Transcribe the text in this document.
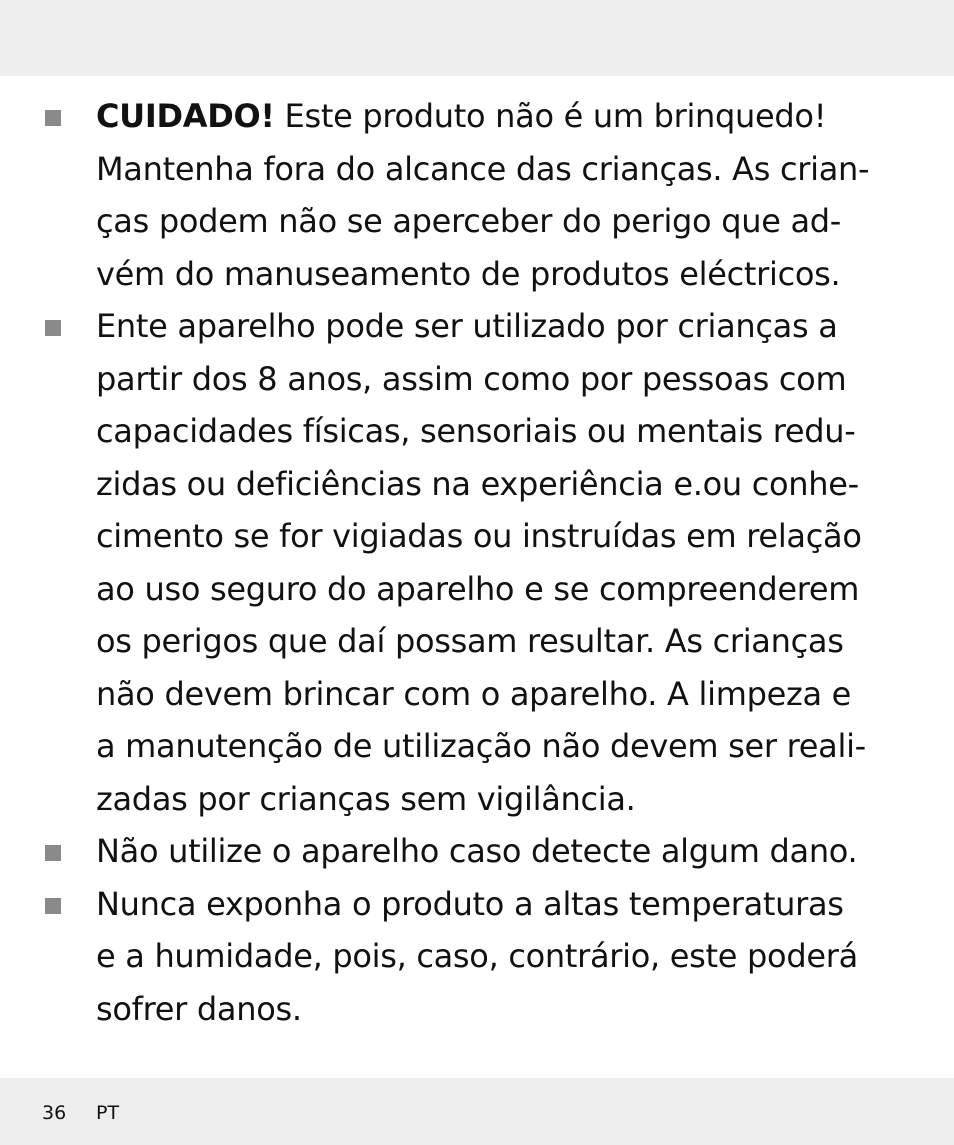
CUIDADO! Este produto não é um brinquedo!
Mantenha fora do alcance das crianças. As crian-
ças podem não se aperceber do perigo que ad-
vém do manuseamento de produtos eléctricos.
Ente aparelho pode ser utilizado por crianças a
partir dos 8 anos, assim como por pessoas com
capacidades físicas, sensoriais ou mentais redu-
zidas ou deficiências na experiência e.ou conhe-
cimento se for vigiadas ou instruídas em relação
ao uso seguro do aparelho e se compreenderem
os perigos que daí possam resultar. As crianças
não devem brincar com o aparelho. A limpeza e
a manutenção de utilização não devem ser reali-
zadas por crianças sem vigilância.
Não utilize o aparelho caso detecte algum dano.
Nunca exponha o produto a altas temperaturas
e a humidade, pois, caso, contrário, este poderá
sofrer danos.
36 PT
